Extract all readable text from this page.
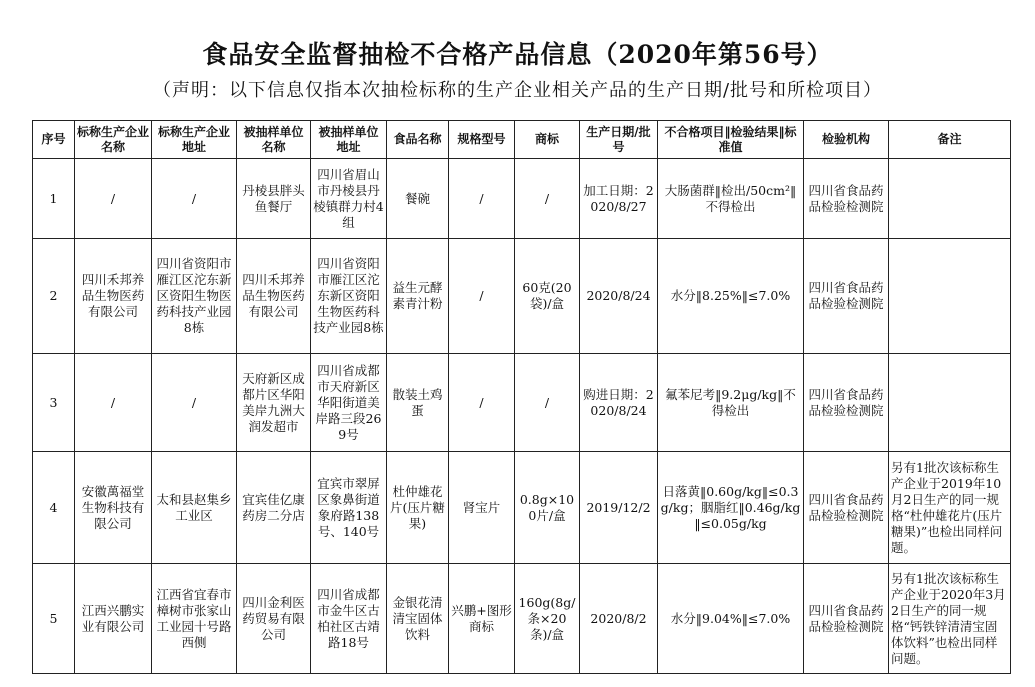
食品安全监督抽检不合格产品信息（2020年第56号）
（声明：以下信息仅指本次抽检标称的生产企业相关产品的生产日期/批号和所检项目）
序号	标称生产企业名称	标称生产企业地址	被抽样单位名称	被抽样单位地址	食品名称	规格型号	商标	生产日期/批号	不合格项目‖检验结果‖标准值	检验机构	备注
1	/	/	丹棱县胖头鱼餐厅	四川省眉山市丹棱县丹棱镇群力村4组	餐碗	/	/	加工日期：2020/8/27	大肠菌群‖检出/50cm²‖不得检出	四川省食品药品检验检测院	
2	四川禾邦养品生物医药有限公司	四川省资阳市雁江区沱东新区资阳生物医药科技产业园8栋	四川禾邦养品生物医药有限公司	四川省资阳市雁江区沱东新区资阳生物医药科技产业园8栋	益生元酵素青汁粉	/	60克(20袋)/盒	2020/8/24	水分‖8.25%‖≤7.0%	四川省食品药品检验检测院	
3	/	/	天府新区成都片区华阳美岸九洲大润发超市	四川省成都市天府新区华阳街道美岸路三段269号	散装土鸡蛋	/	/	购进日期：2020/8/24	氟苯尼考‖9.2μg/kg‖不得检出	四川省食品药品检验检测院	
4	安徽萬福堂生物科技有限公司	太和县赵集乡工业区	宜宾佳亿康药房二分店	宜宾市翠屏区象鼻街道象府路138号、140号	杜仲雄花片(压片糖果)	肾宝片	0.8g×100片/盒	2019/12/2	日落黄‖0.60g/kg‖≤0.3g/kg；胭脂红‖0.46g/kg‖≤0.05g/kg	四川省食品药品检验检测院	另有1批次该标称生产企业于2019年10月2日生产的同一规格“杜仲雄花片(压片糖果)”也检出同样问题。
5	江西兴鹏实业有限公司	江西省宜春市樟树市张家山工业园十号路西侧	四川金利医药贸易有限公司	四川省成都市金牛区古柏社区古靖路18号	金银花清清宝固体饮料	兴鹏+图形商标	160g(8g/条×20条)/盒	2020/8/2	水分‖9.04%‖≤7.0%	四川省食品药品检验检测院	另有1批次该标称生产企业于2020年3月2日生产的同一规格“钙铁锌清清宝固体饮料”也检出同样问题。
